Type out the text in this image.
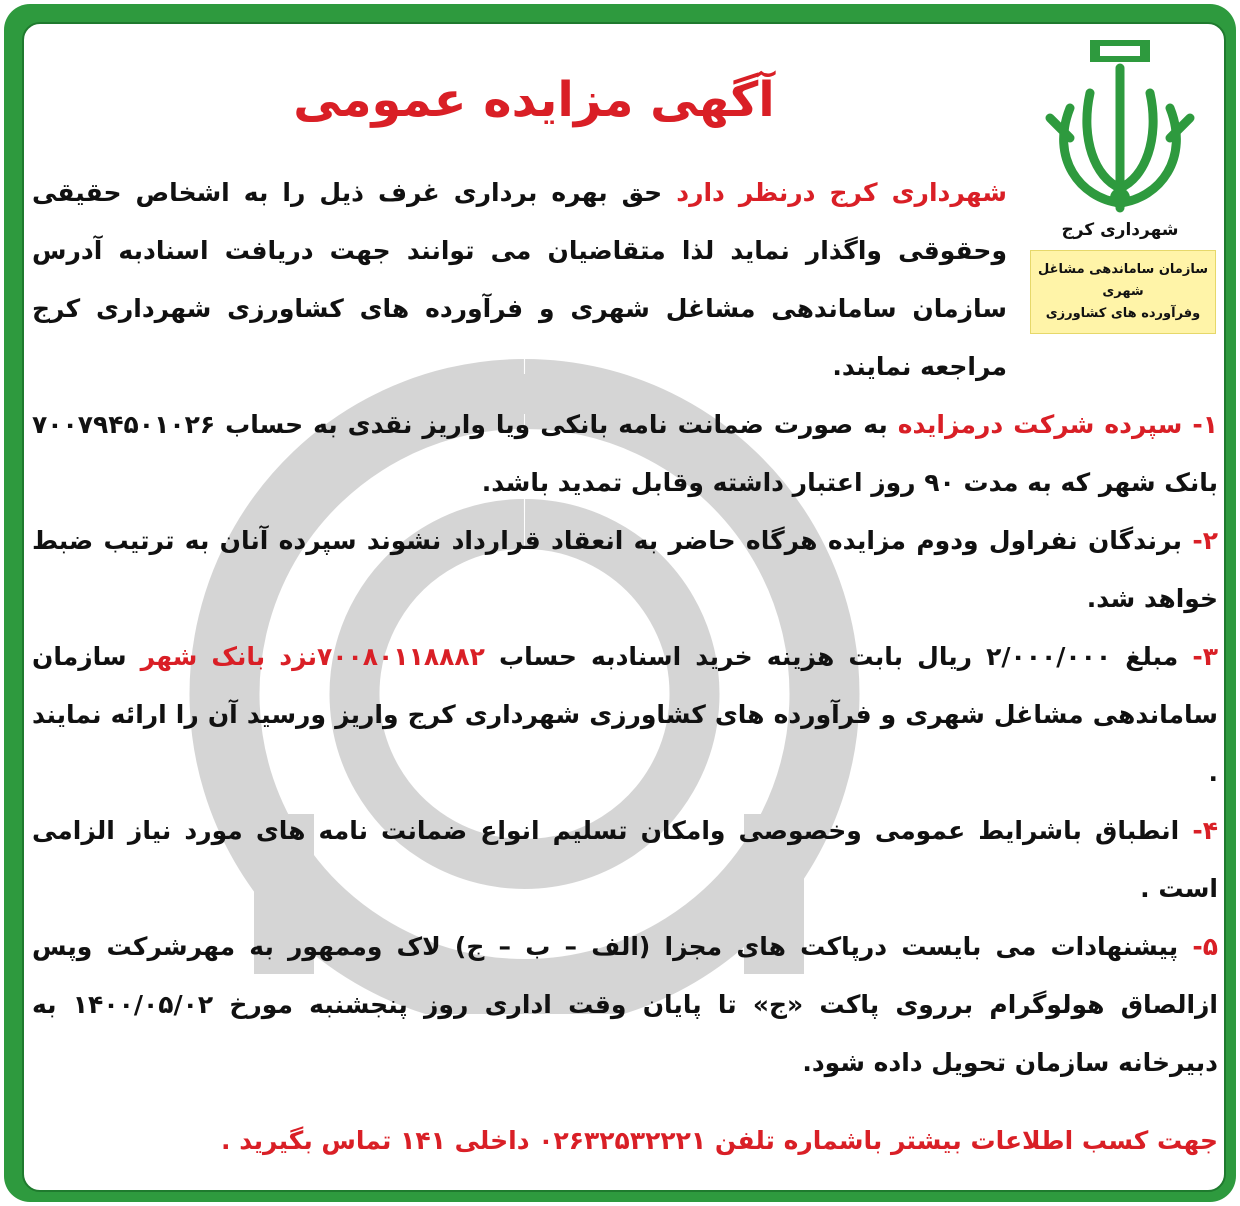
شهرداری کرج
سازمان ساماندهی مشاغل شهری
وفرآورده های کشاورزی
آگهی مزایده عمومی

شهرداری کرج درنظر دارد حق بهره برداری غرف ذیل را به اشخاص حقیقی وحقوقی واگذار نماید لذا متقاضیان می توانند جهت دریافت اسنادبه آدرس سازمان ساماندهی مشاغل شهری و فرآورده های کشاورزی شهرداری کرج مراجعه نمایند.

۱- سپرده شرکت درمزایده به صورت ضمانت نامه بانکی ویا واریز نقدی به حساب ۷۰۰۷۹۴۵۰۱۰۲۶ بانک شهر که به مدت ۹۰ روز اعتبار داشته وقابل تمدید باشد.

۲- برندگان نفراول ودوم مزایده هرگاه حاضر به انعقاد قرارداد نشوند سپرده آنان به ترتیب ضبط خواهد شد.

۳- مبلغ ۲/۰۰۰/۰۰۰ ریال بابت هزینه خرید اسنادبه حساب ۷۰۰۸۰۱۱۸۸۸۲نزد بانک شهر سازمان ساماندهی مشاغل شهری و فرآورده های کشاورزی شهرداری کرج واریز ورسید آن را ارائه نمایند .

۴- انطباق باشرایط عمومی وخصوصی وامکان تسلیم انواع ضمانت نامه های مورد نیاز الزامی است .

۵- پیشنهادات می بایست درپاکت های مجزا (الف – ب – ج) لاک وممهور به مهرشرکت وپس ازالصاق هولوگرام برروی پاکت «ج» تا پایان وقت اداری روز پنجشنبه مورخ ۱۴۰۰/۰۵/۰۲ به دبیرخانه سازمان تحویل داده شود.

جهت کسب اطلاعات بیشتر باشماره تلفن ۰۲۶۳۲۵۳۲۲۲۱ داخلی ۱۴۱ تماس بگیرید .
